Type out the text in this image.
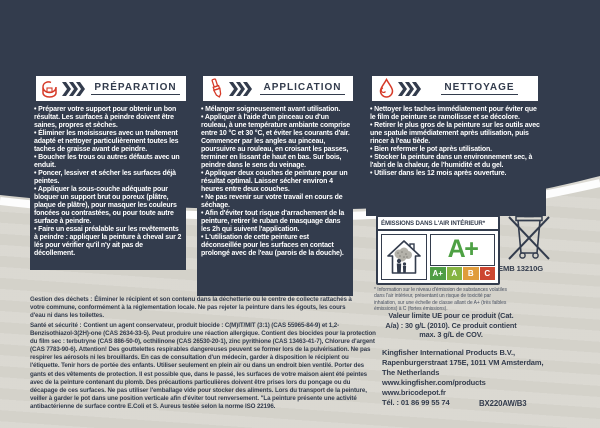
PRÉPARATION
• Préparer votre support pour obtenir un bon résultat. Les surfaces à peindre doivent être saines, propres et sèches.
• Éliminer les moisissures avec un traitement adapté et nettoyer particulièrement toutes les taches de graisse avant de peindre.
• Boucher les trous ou autres défauts avec un enduit.
• Poncer, lessiver et sécher les surfaces déjà peintes.
• Appliquer la sous-couche adéquate pour bloquer un support brut ou poreux (plâtre, plaque de plâtre), pour masquer les couleurs foncées ou contrastées, ou pour toute autre surface à peindre.
• Faire un essai préalable sur les revêtements à peindre : appliquer la peinture à cheval sur 2 lés pour vérifier qu'il n'y ait pas de décollement.
APPLICATION
• Mélanger soigneusement avant utilisation.
• Appliquer à l'aide d'un pinceau ou d'un rouleau, à une température ambiante comprise entre 10 °C et 30 °C, et éviter les courants d'air. Commencer par les angles au pinceau, poursuivre au rouleau, en croisant les passes, terminer en lissant de haut en bas. Sur bois, peindre dans le sens du veinage.
• Appliquer deux couches de peinture pour un résultat optimal. Laisser sécher environ 4 heures entre deux couches.
• Ne pas revenir sur votre travail en cours de séchage.
• Afin d'éviter tout risque d'arrachement de la peinture, retirer le ruban de masquage dans les 2h qui suivent l'application.
• L'utilisation de cette peinture est déconseillée pour les surfaces en contact prolongé avec de l'eau (parois de la douche).
NETTOYAGE
• Nettoyer les taches immédiatement pour éviter que le film de peinture se ramollisse et se décolore.
• Retirer le plus gros de la peinture sur les outils avec une spatule immédiatement après utilisation, puis rincer à l'eau tiède.
• Bien refermer le pot après utilisation.
• Stocker la peinture dans un environnement sec, à l'abri de la chaleur, de l'humidité et du gel.
• Utiliser dans les 12 mois après ouverture.
ÉMISSIONS DANS L'AIR INTÉRIEUR*
A+
A+	A	B	C
* Information sur le niveau d'émission de substances volatiles dans l'air intérieur, présentant un risque de toxicité par inhalation, sur une échelle de classe allant de A+ (très faibles émissions) à C (fortes émissions).
EMB 13210G

Gestion des déchets : Éliminer le récipient et son contenu dans la déchetterie ou le centre de collecte rattachés à votre commune, conformément à la réglementation locale. Ne pas rejeter la peinture dans les égouts, les cours d'eau ni dans les toilettes.

Santé et sécurité : Contient un agent conservateur, produit biocide : C(M)IT/MIT (3:1) (CAS 55965-84-9) et 1,2-Benzisothiazol-3(2H)-one (CAS 2634-33-5). Peut produire une réaction allergique. Contient des biocides pour la protection du film sec : terbutryne (CAS 886-50-0), octhilinone (CAS 26530-20-1), zinc pyrithione (CAS 13463-41-7), Chlorure d'argent (CAS 7783-90-6). Attention! Des gouttelettes respirables dangereuses peuvent se former lors de la pulvérisation. Ne pas respirer les aérosols ni les brouillards. En cas de consultation d'un médecin, garder à disposition le récipient ou l'étiquette. Tenir hors de portée des enfants. Utiliser seulement en plein air ou dans un endroit bien ventilé. Porter des gants et des vêtements de protection. Il est possible que, dans le passé, les surfaces de votre maison aient été peintes avec de la peinture contenant du plomb. Des précautions particulières doivent être prises lors du ponçage ou du décapage de ces surfaces. Ne pas utiliser l'emballage vide pour stocker des aliments. Lors du transport de la peinture, veiller à garder le pot dans une position verticale afin d'éviter tout renversement. "La peinture présente une activité antibactérienne de surface contre E.Coli et S. Aureus testée selon la norme ISO 22196.

Valeur limite UE pour ce produit (Cat. A/a) : 30 g/L (2010). Ce produit contient max. 3 g/L de COV.
Kingfisher International Products B.V.,
Rapenburgerstraat 175E, 1011 VM Amsterdam,
The Netherlands
www.kingfisher.com/products
www.bricodepot.fr
Tél. : 01 86 99 55 74	BX220AW/B3
